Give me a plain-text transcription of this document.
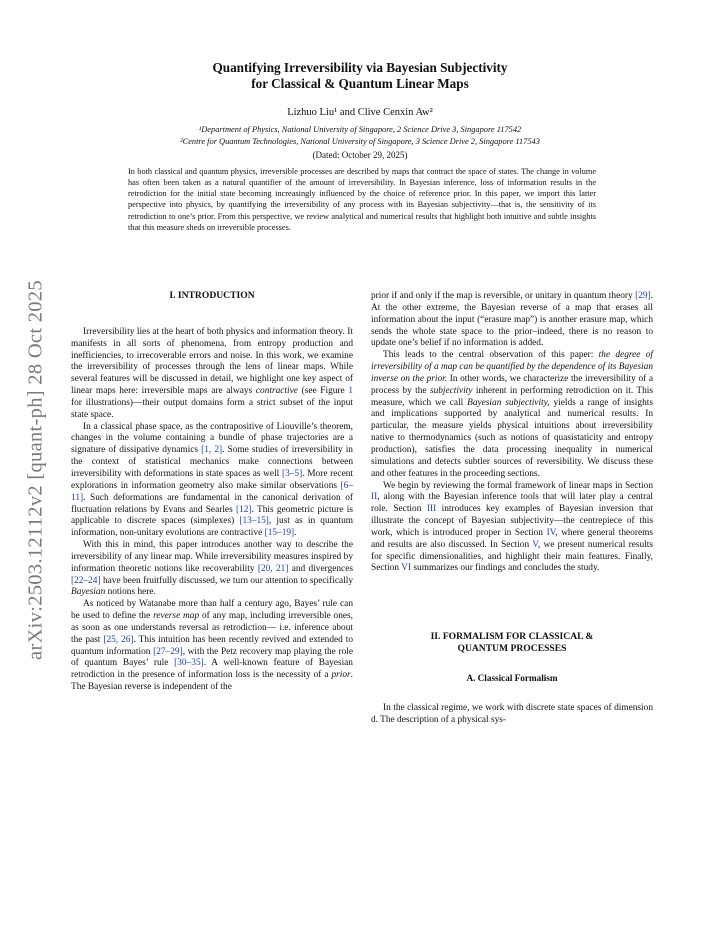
arXiv:2503.12112v2 [quant-ph] 28 Oct 2025
Quantifying Irreversibility via Bayesian Subjectivity
for Classical & Quantum Linear Maps
Lizhuo Liu¹ and Clive Cenxin Aw²
¹Department of Physics, National University of Singapore, 2 Science Drive 3, Singapore 117542
²Centre for Quantum Technologies, National University of Singapore, 3 Science Drive 2, Singapore 117543
(Dated: October 29, 2025)
In both classical and quantum physics, irreversible processes are described by maps that contract the space of states. The change in volume has often been taken as a natural quantifier of the amount of irreversibility. In Bayesian inference, loss of information results in the retrodiction for the initial state becoming increasingly influenced by the choice of reference prior. In this paper, we import this latter perspective into physics, by quantifying the irreversibility of any process with its Bayesian subjectivity—that is, the sensitivity of its retrodiction to one’s prior. From this perspective, we review analytical and numerical results that highlight both intuitive and subtle insights that this measure sheds on irreversible processes.
I. INTRODUCTION

Irreversibility lies at the heart of both physics and information theory. It manifests in all sorts of phenomena, from entropy production and inefficiencies, to irrecoverable errors and noise. In this work, we examine the irreversibility of processes through the lens of linear maps. While several features will be discussed in detail, we highlight one key aspect of linear maps here: irreversible maps are always contractive (see Figure 1 for illustrations)—their output domains form a strict subset of the input state space.

In a classical phase space, as the contrapositive of Liouville’s theorem, changes in the volume containing a bundle of phase trajectories are a signature of dissipative dynamics [1, 2]. Some studies of irreversibility in the context of statistical mechanics make connections between irreversibility with deformations in state spaces as well [3–5]. More recent explorations in information geometry also make similar observations [6–11]. Such deformations are fundamental in the canonical derivation of fluctuation relations by Evans and Searles [12]. This geometric picture is applicable to discrete spaces (simplexes) [13–15], just as in quantum information, non-unitary evolutions are contractive [15–19].

With this in mind, this paper introduces another way to describe the irreversibility of any linear map. While irreversibility measures inspired by information theoretic notions like recoverability [20, 21] and divergences [22–24] have been fruitfully discussed, we turn our attention to specifically Bayesian notions here.

As noticed by Watanabe more than half a century ago, Bayes’ rule can be used to define the reverse map of any map, including irreversible ones, as soon as one understands reversal as retrodiction— i.e. inference about the past [25, 26]. This intuition has been recently revived and extended to quantum information [27–29], with the Petz recovery map playing the role of quantum Bayes’ rule [30–35]. A well-known feature of Bayesian retrodiction in the presence of information loss is the necessity of a prior. The Bayesian reverse is independent of the

prior if and only if the map is reversible, or unitary in quantum theory [29]. At the other extreme, the Bayesian reverse of a map that erases all information about the input (“erasure map”) is another erasure map, which sends the whole state space to the prior–indeed, there is no reason to update one’s belief if no information is added.

This leads to the central observation of this paper: the degree of irreversibility of a map can be quantified by the dependence of its Bayesian inverse on the prior. In other words, we characterize the irreversibility of a process by the subjectivity inherent in performing retrodiction on it. This measure, which we call Bayesian subjectivity, yields a range of insights and implications supported by analytical and numerical results. In particular, the measure yields physical intuitions about irreversibility native to thermodynamics (such as notions of quasistaticity and entropy production), satisfies the data processing inequality in numerical simulations and detects subtler sources of reversibility. We discuss these and other features in the proceeding sections.

We begin by reviewing the formal framework of linear maps in Section II, along with the Bayesian inference tools that will later play a central role. Section III introduces key examples of Bayesian inversion that illustrate the concept of Bayesian subjectivity—the centrepiece of this work, which is introduced proper in Section IV, where general theorems and results are also discussed. In Section V, we present numerical results for specific dimensionalities, and highlight their main features. Finally, Section VI summarizes our findings and concludes the study.

II. FORMALISM FOR CLASSICAL &
QUANTUM PROCESSES
A. Classical Formalism

In the classical regime, we work with discrete state spaces of dimension d. The description of a physical sys-
